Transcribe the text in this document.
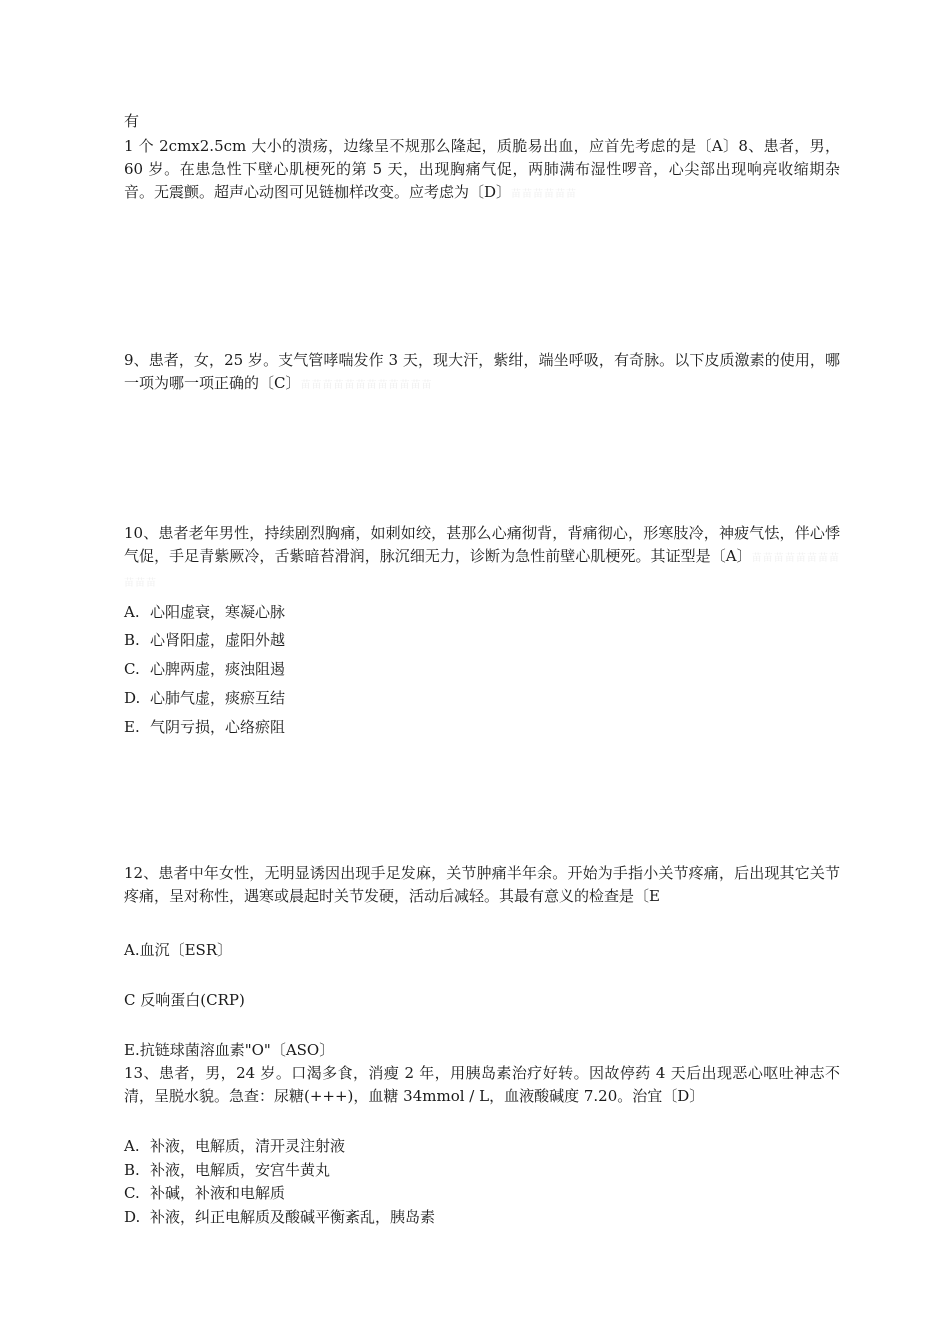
有

1 个 2cmx2.5cm 大小的溃疡，边缘呈不规那么隆起，质脆易出血，应首先考虑的是〔A〕8、患者，男，60 岁。在患急性下壁心肌梗死的第 5 天，出现胸痛气促，两肺满布湿性啰音，心尖部出现响亮收缩期杂音。无震颤。超声心动图可见链枷样改变。应考虑为〔D〕苗苗苗苗苗苗

9、患者，女，25 岁。支气管哮喘发作 3 天，现大汗，紫绀，端坐呼吸，有奇脉。以下皮质激素的使用，哪一项为哪一项正确的〔C〕苗苗苗苗苗苗苗苗苗苗苗苗

10、患者老年男性，持续剧烈胸痛，如刺如绞，甚那么心痛彻背，背痛彻心，形寒肢冷，神疲气怯，伴心悸气促，手足青紫厥冷，舌紫暗苔滑润，脉沉细无力，诊断为急性前壁心肌梗死。其证型是〔A〕苗苗苗苗苗苗苗苗苗苗苗

A. 心阳虚衰，寒凝心脉

B. 心肾阳虚，虚阳外越

C. 心脾两虚，痰浊阻遏

D. 心肺气虚，痰瘀互结

E. 气阴亏损，心络瘀阻

12、患者中年女性，无明显诱因出现手足发麻，关节肿痛半年余。开始为手指小关节疼痛，后出现其它关节疼痛，呈对称性，遇寒或晨起时关节发硬，活动后减轻。其最有意义的检查是〔E

A.血沉〔ESR〕

C 反响蛋白(CRP)

E.抗链球菌溶血素"O"〔ASO〕

13、患者，男，24 岁。口渴多食，消瘦 2 年，用胰岛素治疗好转。因故停药 4 天后出现恶心呕吐神志不清，呈脱水貌。急查：尿糖(+++)，血糖 34mmol / L，血液酸碱度 7.20。治宜〔D〕

A. 补液，电解质，清开灵注射液

B. 补液，电解质，安宫牛黄丸

C. 补碱，补液和电解质

D. 补液，纠正电解质及酸碱平衡紊乱，胰岛素
